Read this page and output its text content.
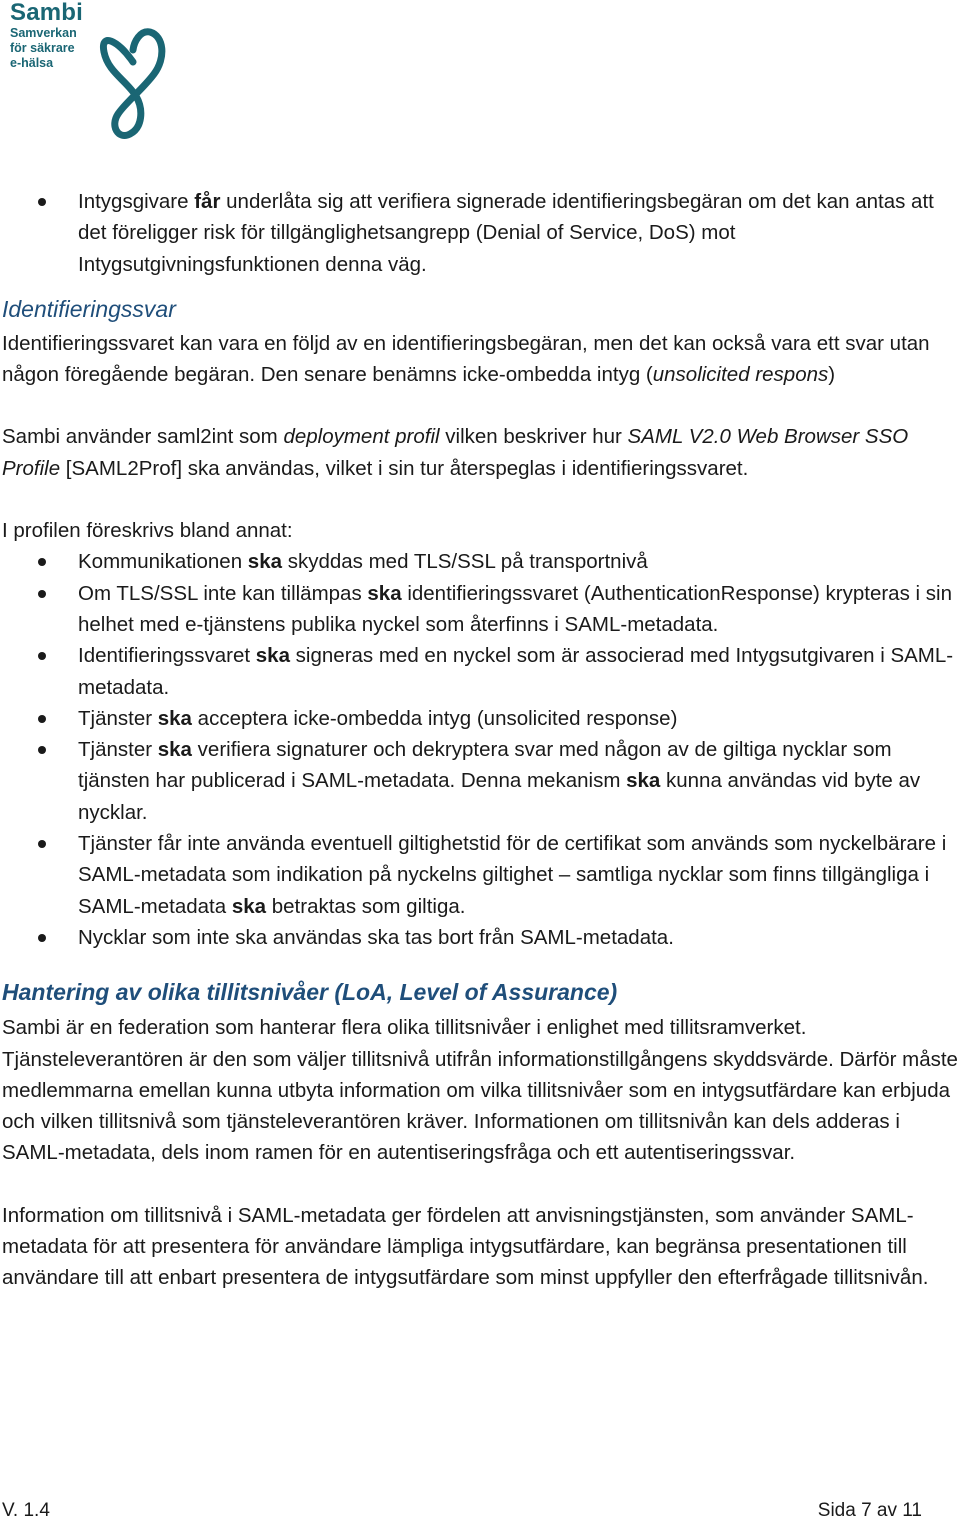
Sambi
Samverkan
för säkrare
e-hälsa
Intygsgivare får underlåta sig att verifiera signerade identifieringsbegäran om det kan antas att det föreligger risk för tillgänglighetsangrepp (Denial of Service, DoS) mot Intygsutgivningsfunktionen denna väg.
Identifieringssvar

Identifieringssvaret kan vara en följd av en identifieringsbegäran, men det kan också vara ett svar utan någon föregående begäran. Den senare benämns icke-ombedda intyg (unsolicited respons)

Sambi använder saml2int som deployment profil vilken beskriver hur SAML V2.0 Web Browser SSO Profile [SAML2Prof] ska användas, vilket i sin tur återspeglas i identifieringssvaret.

I profilen föreskrivs bland annat:

Kommunikationen ska skyddas med TLS/SSL på transportnivå
Om TLS/SSL inte kan tillämpas ska identifieringssvaret (AuthenticationResponse) krypteras i sin helhet med e-tjänstens publika nyckel som återfinns i SAML-metadata.
Identifieringssvaret ska signeras med en nyckel som är associerad med Intygsutgivaren i SAML-metadata.
Tjänster ska acceptera icke-ombedda intyg (unsolicited response)
Tjänster ska verifiera signaturer och dekryptera svar med någon av de giltiga nycklar som tjänsten har publicerad i SAML-metadata. Denna mekanism ska kunna användas vid byte av nycklar.
Tjänster får inte använda eventuell giltighetstid för de certifikat som används som nyckelbärare i SAML-metadata som indikation på nyckelns giltighet – samtliga nycklar som finns tillgängliga i SAML-metadata ska betraktas som giltiga.
Nycklar som inte ska användas ska tas bort från SAML-metadata.
Hantering av olika tillitsnivåer (LoA, Level of Assurance)

Sambi är en federation som hanterar flera olika tillitsnivåer i enlighet med tillitsramverket. Tjänsteleverantören är den som väljer tillitsnivå utifrån informationstillgångens skyddsvärde. Därför måste medlemmarna emellan kunna utbyta information om vilka tillitsnivåer som en intygsutfärdare kan erbjuda och vilken tillitsnivå som tjänsteleverantören kräver. Informationen om tillitsnivån kan dels adderas i SAML-metadata, dels inom ramen för en autentiseringsfråga och ett autentiseringssvar.

Information om tillitsnivå i SAML-metadata ger fördelen att anvisningstjänsten, som använder SAML-metadata för att presentera för användare lämpliga intygsutfärdare, kan begränsa presentationen till användare till att enbart presentera de intygsutfärdare som minst uppfyller den efterfrågade tillitsnivån.

V. 1.4	Sida 7 av 11
